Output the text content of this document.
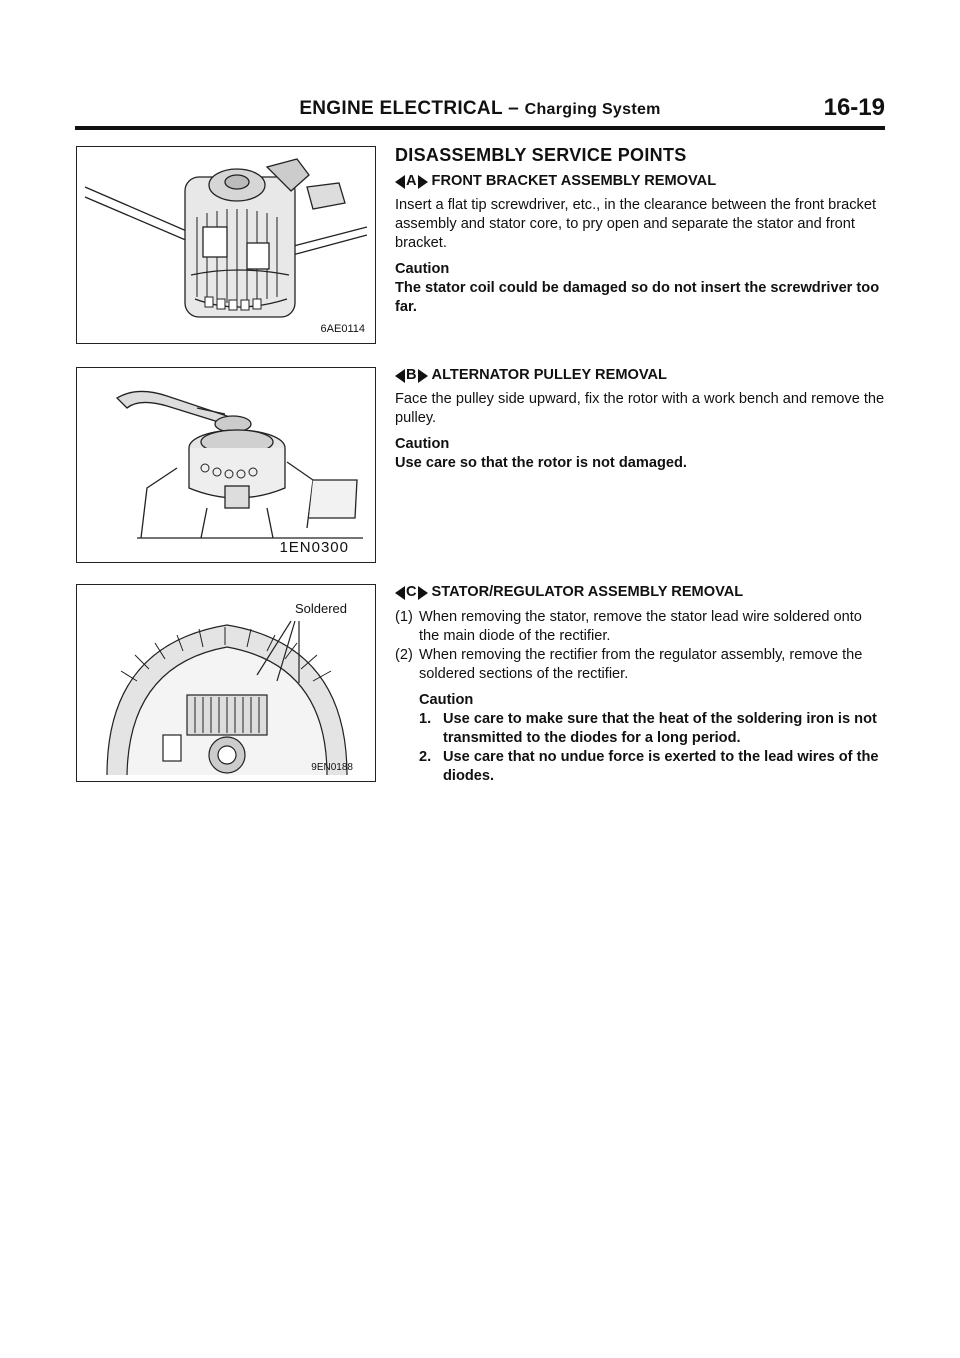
ENGINE ELECTRICAL – Charging System	16-19
6AE0114
1EN0300
Soldered
9EN0188
DISASSEMBLY SERVICE POINTS
A FRONT BRACKET ASSEMBLY REMOVAL

Insert a flat tip screwdriver, etc., in the clearance between the front bracket assembly and stator core, to pry open and separate the stator and front bracket.

Caution

The stator coil could be damaged so do not insert the screwdriver too far.

B ALTERNATOR PULLEY REMOVAL

Face the pulley side upward, fix the rotor with a work bench and remove the pulley.

Caution

Use care so that the rotor is not damaged.

C STATOR/REGULATOR ASSEMBLY REMOVAL
(1) When removing the stator, remove the stator lead wire soldered onto the main diode of the rectifier.
(2) When removing the rectifier from the regulator assembly, remove the soldered sections of the rectifier.

Caution

1. Use care to make sure that the heat of the soldering iron is not transmitted to the diodes for a long period.
2. Use care that no undue force is exerted to the lead wires of the diodes.
